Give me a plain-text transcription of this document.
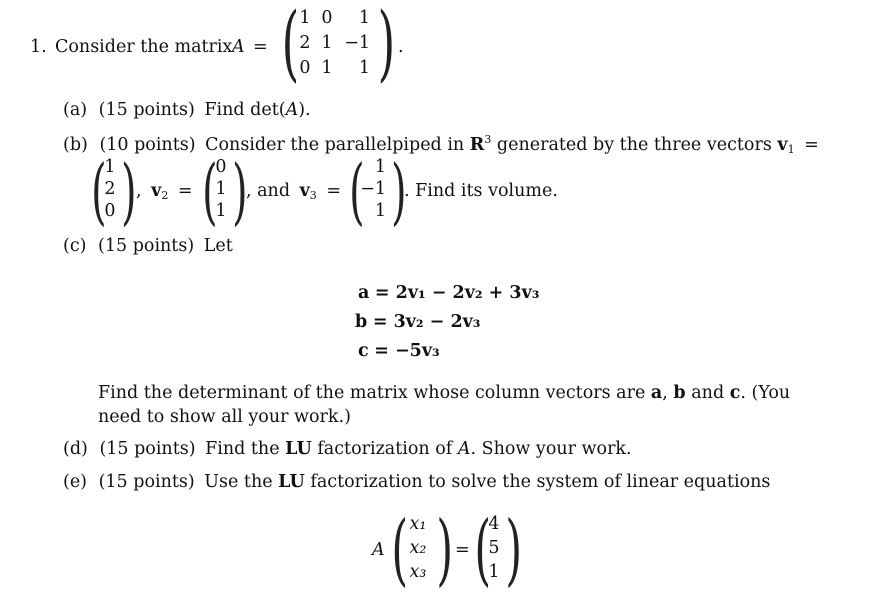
1. Consider the matrix A = ( 1 0 1
2 1 −1
0 1 1 ) .
(a) (15 points) Find det(A).
(b) (10 points) Consider the parallelpiped in $R^3$ generated by the three vectors $v_1$ =
(
1
2
0 ) , $v_2$ = (
0
1
1 )
, and $v_3$ = ( 1
−1
1 )
. Find its volume.
(c) (15 points) Let
a = 2v₁ − 2v₂ + 3v₃
b = 3v₂ − 2v₃
c = −5v₃
Find the determinant of the matrix whose column vectors are a, b and c. (You
need to show all your work.)
(d) (15 points) Find the LU factorization of A. Show your work.
(e) (15 points) Use the LU factorization to solve the system of linear equations
A ( x₁
x₂
x₃ ) = (
4
5
1 )
